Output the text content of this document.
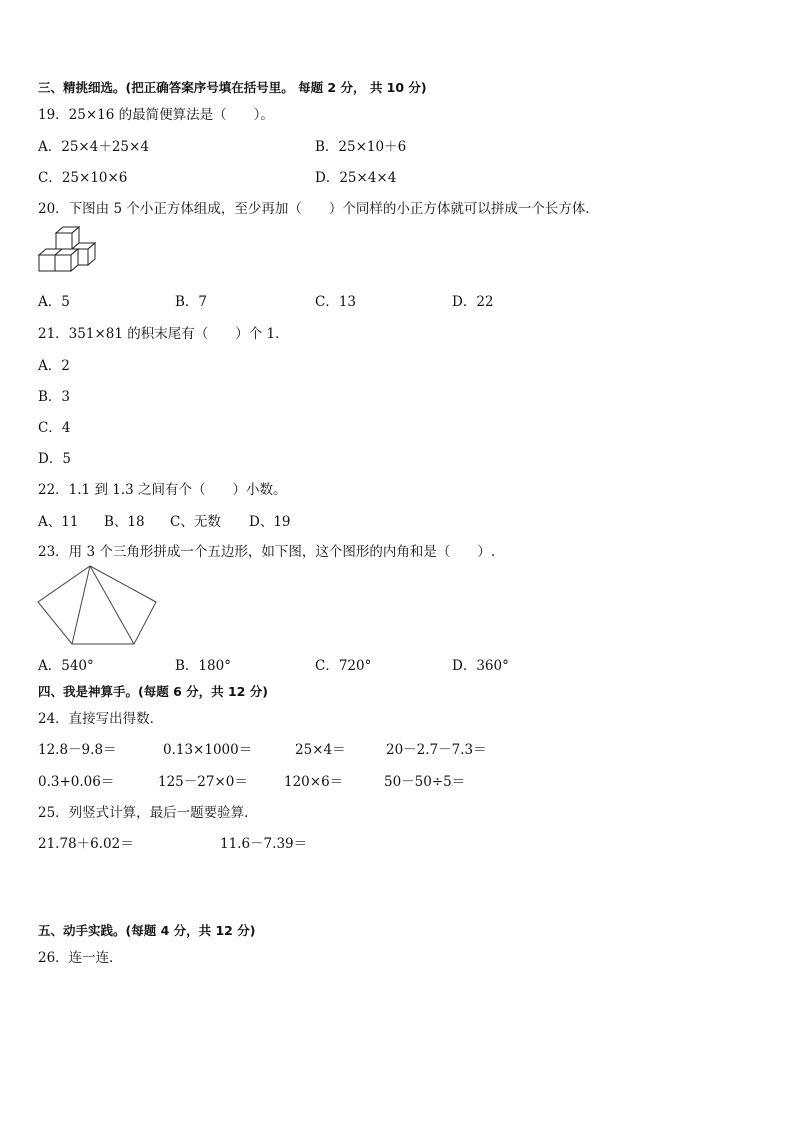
三、精挑细选。(把正确答案序号填在括号里。 每题 2 分， 共 10 分)
19．25×16 的最简便算法是（　　）。
A．25×4＋25×4	B．25×10＋6
C．25×10×6	D．25×4×4
20．下图由 5 个小正方体组成，至少再加（　　）个同样的小正方体就可以拼成一个长方体．
A．5	B．7	C．13	D．22
21．351×81 的积末尾有（　　）个 1．
A．2
B．3
C．4
D．5
22．1.1 到 1.3 之间有个（　　）小数。
A、11 B、18 C、无数 D、19
23．用 3 个三角形拼成一个五边形，如下图，这个图形的内角和是（　　）.
A．540°	B．180°	C．720°	D．360°
四、我是神算手。(每题 6 分，共 12 分)
24．直接写出得数．
12.8－9.8＝	0.13×1000＝	25×4＝	20－2.7－7.3＝
0.3+0.06＝	125－27×0＝	120×6＝	50－50÷5＝
25．列竖式计算，最后一题要验算．
21.78＋6.02＝	11.6－7.39＝
五、动手实践。(每题 4 分，共 12 分)
26．连一连．
